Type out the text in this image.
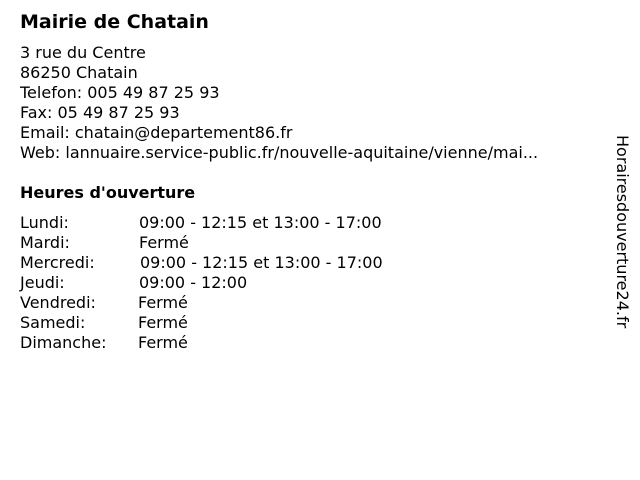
Mairie de Chatain
3 rue du Centre
86250 Chatain
Telefon: 005 49 87 25 93
Fax: 05 49 87 25 93
Email: chatain@departement86.fr
Web: lannuaire.service-public.fr/nouvelle-aquitaine/vienne/mai...
Heures d'ouverture
Lundi:	09:00 - 12:15 et 13:00 - 17:00
Mardi:	Fermé
Mercredi:	09:00 - 12:15 et 13:00 - 17:00
Jeudi:	09:00 - 12:00
Vendredi:	Fermé
Samedi:	Fermé
Dimanche: Fermé
Horairesdouverture24.fr
